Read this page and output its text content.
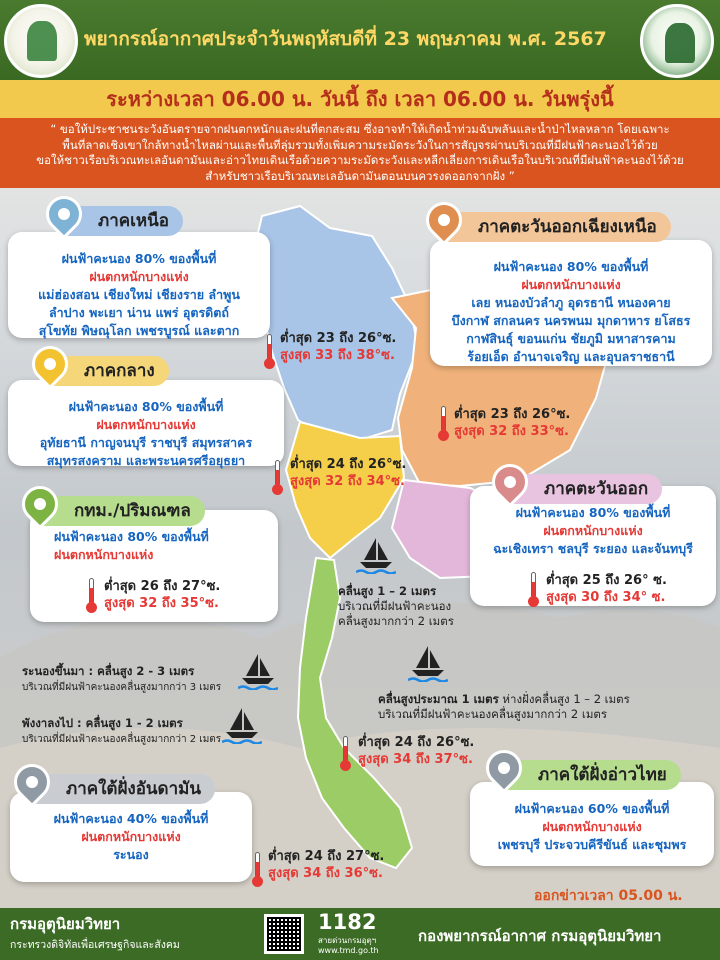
พยากรณ์อากาศประจำวันพฤหัสบดีที่ 23 พฤษภาคม พ.ศ. 2567
ระหว่างเวลา 06.00 น. วันนี้ ถึง เวลา 06.00 น. วันพรุ่งนี้

“ ขอให้ประชาชนระวังอันตรายจากฝนตกหนักและฝนที่ตกสะสม ซึ่งอาจทำให้เกิดน้ำท่วมฉับพลันและน้ำป่าไหลหลาก โดยเฉพาะ

พื้นที่ลาดเชิงเขาใกล้ทางน้ำไหลผ่านและพื้นที่ลุ่มรวมทั้งเพิ่มความระมัดระวังในการสัญจรผ่านบริเวณที่มีฝนฟ้าคะนองไว้ด้วย

ขอให้ชาวเรือบริเวณทะเลอันดามันและอ่าวไทยเดินเรือด้วยความระมัดระวังและหลีกเลี่ยงการเดินเรือในบริเวณที่มีฝนฟ้าคะนองไว้ด้วย

สำหรับชาวเรือบริเวณทะเลอันดามันตอนบนควรงดออกจากฝั่ง ”

ฝนฟ้าคะนอง 80% ของพื้นที่
ฝนตกหนักบางแห่ง
แม่ฮ่องสอน เชียงใหม่ เชียงราย ลำพูน
ลำปาง พะเยา น่าน แพร่ อุตรดิตถ์
สุโขทัย พิษณุโลก เพชรบูรณ์ และตาก
ภาคเหนือ
ต่ำสุด 23 ถึง 26°ซ.
สูงสุด 33 ถึง 38°ซ.
ฝนฟ้าคะนอง 80% ของพื้นที่
ฝนตกหนักบางแห่ง
เลย หนองบัวลำภู อุดรธานี หนองคาย
บึงกาฬ สกลนคร นครพนม มุกดาหาร ยโสธร
กาฬสินธุ์ ขอนแก่น ชัยภูมิ มหาสารคาม
ร้อยเอ็ด อำนาจเจริญ และอุบลราชธานี
ภาคตะวันออกเฉียงเหนือ
ต่ำสุด 23 ถึง 26°ซ.
สูงสุด 32 ถึง 33°ซ.
ฝนฟ้าคะนอง 80% ของพื้นที่
ฝนตกหนักบางแห่ง
อุทัยธานี กาญจนบุรี ราชบุรี สมุทรสาคร
สมุทรสงคราม และพระนครศรีอยุธยา
ภาคกลาง
ต่ำสุด 24 ถึง 26°ซ.
สูงสุด 32 ถึง 34°ซ.
ฝนฟ้าคะนอง 80% ของพื้นที่
ฝนตกหนักบางแห่ง
กทม./ปริมณฑล
ต่ำสุด 26 ถึง 27°ซ.
สูงสุด 32 ถึง 35°ซ.
ฝนฟ้าคะนอง 80% ของพื้นที่
ฝนตกหนักบางแห่ง
ฉะเชิงเทรา ชลบุรี ระยอง และจันทบุรี
ภาคตะวันออก
ต่ำสุด 25 ถึง 26° ซ.
สูงสุด 30 ถึง 34° ซ.
คลื่นสูง 1 – 2 เมตร
บริเวณที่มีฝนฟ้าคะนอง
คลื่นสูงมากกว่า 2 เมตร
ระนองขึ้นมา : คลื่นสูง 2 - 3 เมตร
บริเวณที่มีฝนฟ้าคะนองคลื่นสูงมากกว่า 3 เมตร
พังงาลงไป : คลื่นสูง 1 - 2 เมตร
บริเวณที่มีฝนฟ้าคะนองคลื่นสูงมากกว่า 2 เมตร
คลื่นสูงประมาณ 1 เมตร ห่างฝั่งคลื่นสูง 1 – 2 เมตร
บริเวณที่มีฝนฟ้าคะนองคลื่นสูงมากกว่า 2 เมตร
ต่ำสุด 24 ถึง 26°ซ.
สูงสุด 34 ถึง 37°ซ.
ฝนฟ้าคะนอง 40% ของพื้นที่
ฝนตกหนักบางแห่ง
ระนอง
ภาคใต้ฝั่งอันดามัน
ต่ำสุด 24 ถึง 27°ซ.
สูงสุด 34 ถึง 36°ซ.
ฝนฟ้าคะนอง 60% ของพื้นที่
ฝนตกหนักบางแห่ง
เพชรบุรี ประจวบคีรีขันธ์ และชุมพร
ภาคใต้ฝั่งอ่าวไทย
ออกข่าวเวลา 05.00 น.
กรมอุตุนิยมวิทยา
กระทรวงดิจิทัลเพื่อเศรษฐกิจและสังคม
1182
สายด่วนกรมอุตุฯ
www.tmd.go.th
กองพยากรณ์อากาศ กรมอุตุนิยมวิทยา
